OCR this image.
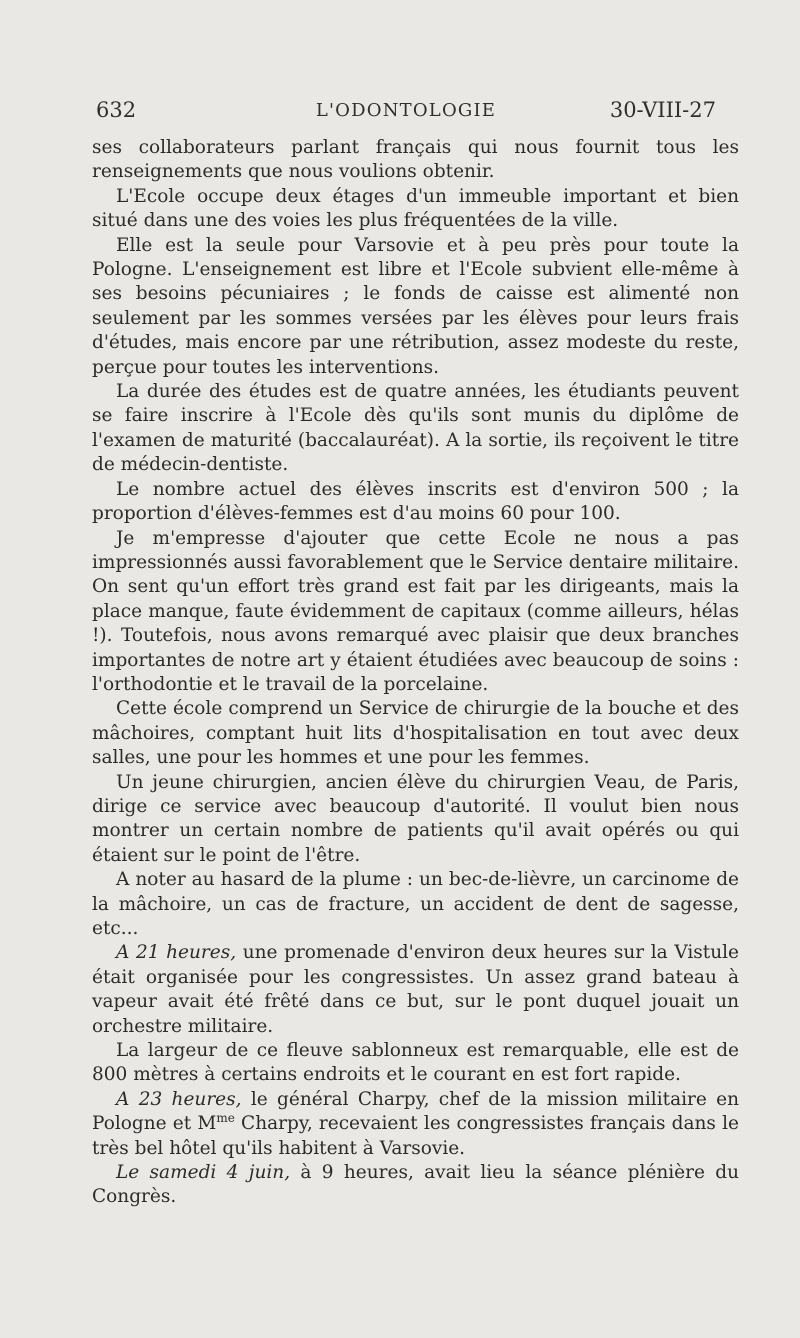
632	L'ODONTOLOGIE	30-VIII-27

ses collaborateurs parlant français qui nous fournit tous les renseignements que nous voulions obtenir.

L'Ecole occupe deux étages d'un immeuble important et bien situé dans une des voies les plus fréquentées de la ville.

Elle est la seule pour Varsovie et à peu près pour toute la Pologne. L'enseignement est libre et l'Ecole subvient elle-même à ses besoins pécuniaires ; le fonds de caisse est alimenté non seulement par les sommes versées par les élèves pour leurs frais d'études, mais encore par une rétribution, assez modeste du reste, perçue pour toutes les interventions.

La durée des études est de quatre années, les étudiants peuvent se faire inscrire à l'Ecole dès qu'ils sont munis du diplôme de l'examen de maturité (baccalauréat). A la sortie, ils reçoivent le titre de médecin-dentiste.

Le nombre actuel des élèves inscrits est d'environ 500 ; la proportion d'élèves-femmes est d'au moins 60 pour 100.

Je m'empresse d'ajouter que cette Ecole ne nous a pas impressionnés aussi favorablement que le Service dentaire militaire. On sent qu'un effort très grand est fait par les dirigeants, mais la place manque, faute évidemment de capitaux (comme ailleurs, hélas !). Toutefois, nous avons remarqué avec plaisir que deux branches importantes de notre art y étaient étudiées avec beaucoup de soins : l'orthodontie et le travail de la porcelaine.

Cette école comprend un Service de chirurgie de la bouche et des mâchoires, comptant huit lits d'hospitalisation en tout avec deux salles, une pour les hommes et une pour les femmes.

Un jeune chirurgien, ancien élève du chirurgien Veau, de Paris, dirige ce service avec beaucoup d'autorité. Il voulut bien nous montrer un certain nombre de patients qu'il avait opérés ou qui étaient sur le point de l'être.

A noter au hasard de la plume : un bec-de-lièvre, un carcinome de la mâchoire, un cas de fracture, un accident de dent de sagesse, etc...

A 21 heures, une promenade d'environ deux heures sur la Vistule était organisée pour les congressistes. Un assez grand bateau à vapeur avait été frêté dans ce but, sur le pont duquel jouait un orchestre militaire.

La largeur de ce fleuve sablonneux est remarquable, elle est de 800 mètres à certains endroits et le courant en est fort rapide.

A 23 heures, le général Charpy, chef de la mission militaire en Pologne et $M^{me}$ Charpy, recevaient les congressistes français dans le très bel hôtel qu'ils habitent à Varsovie.

Le samedi 4 juin, à 9 heures, avait lieu la séance plénière du Congrès.
